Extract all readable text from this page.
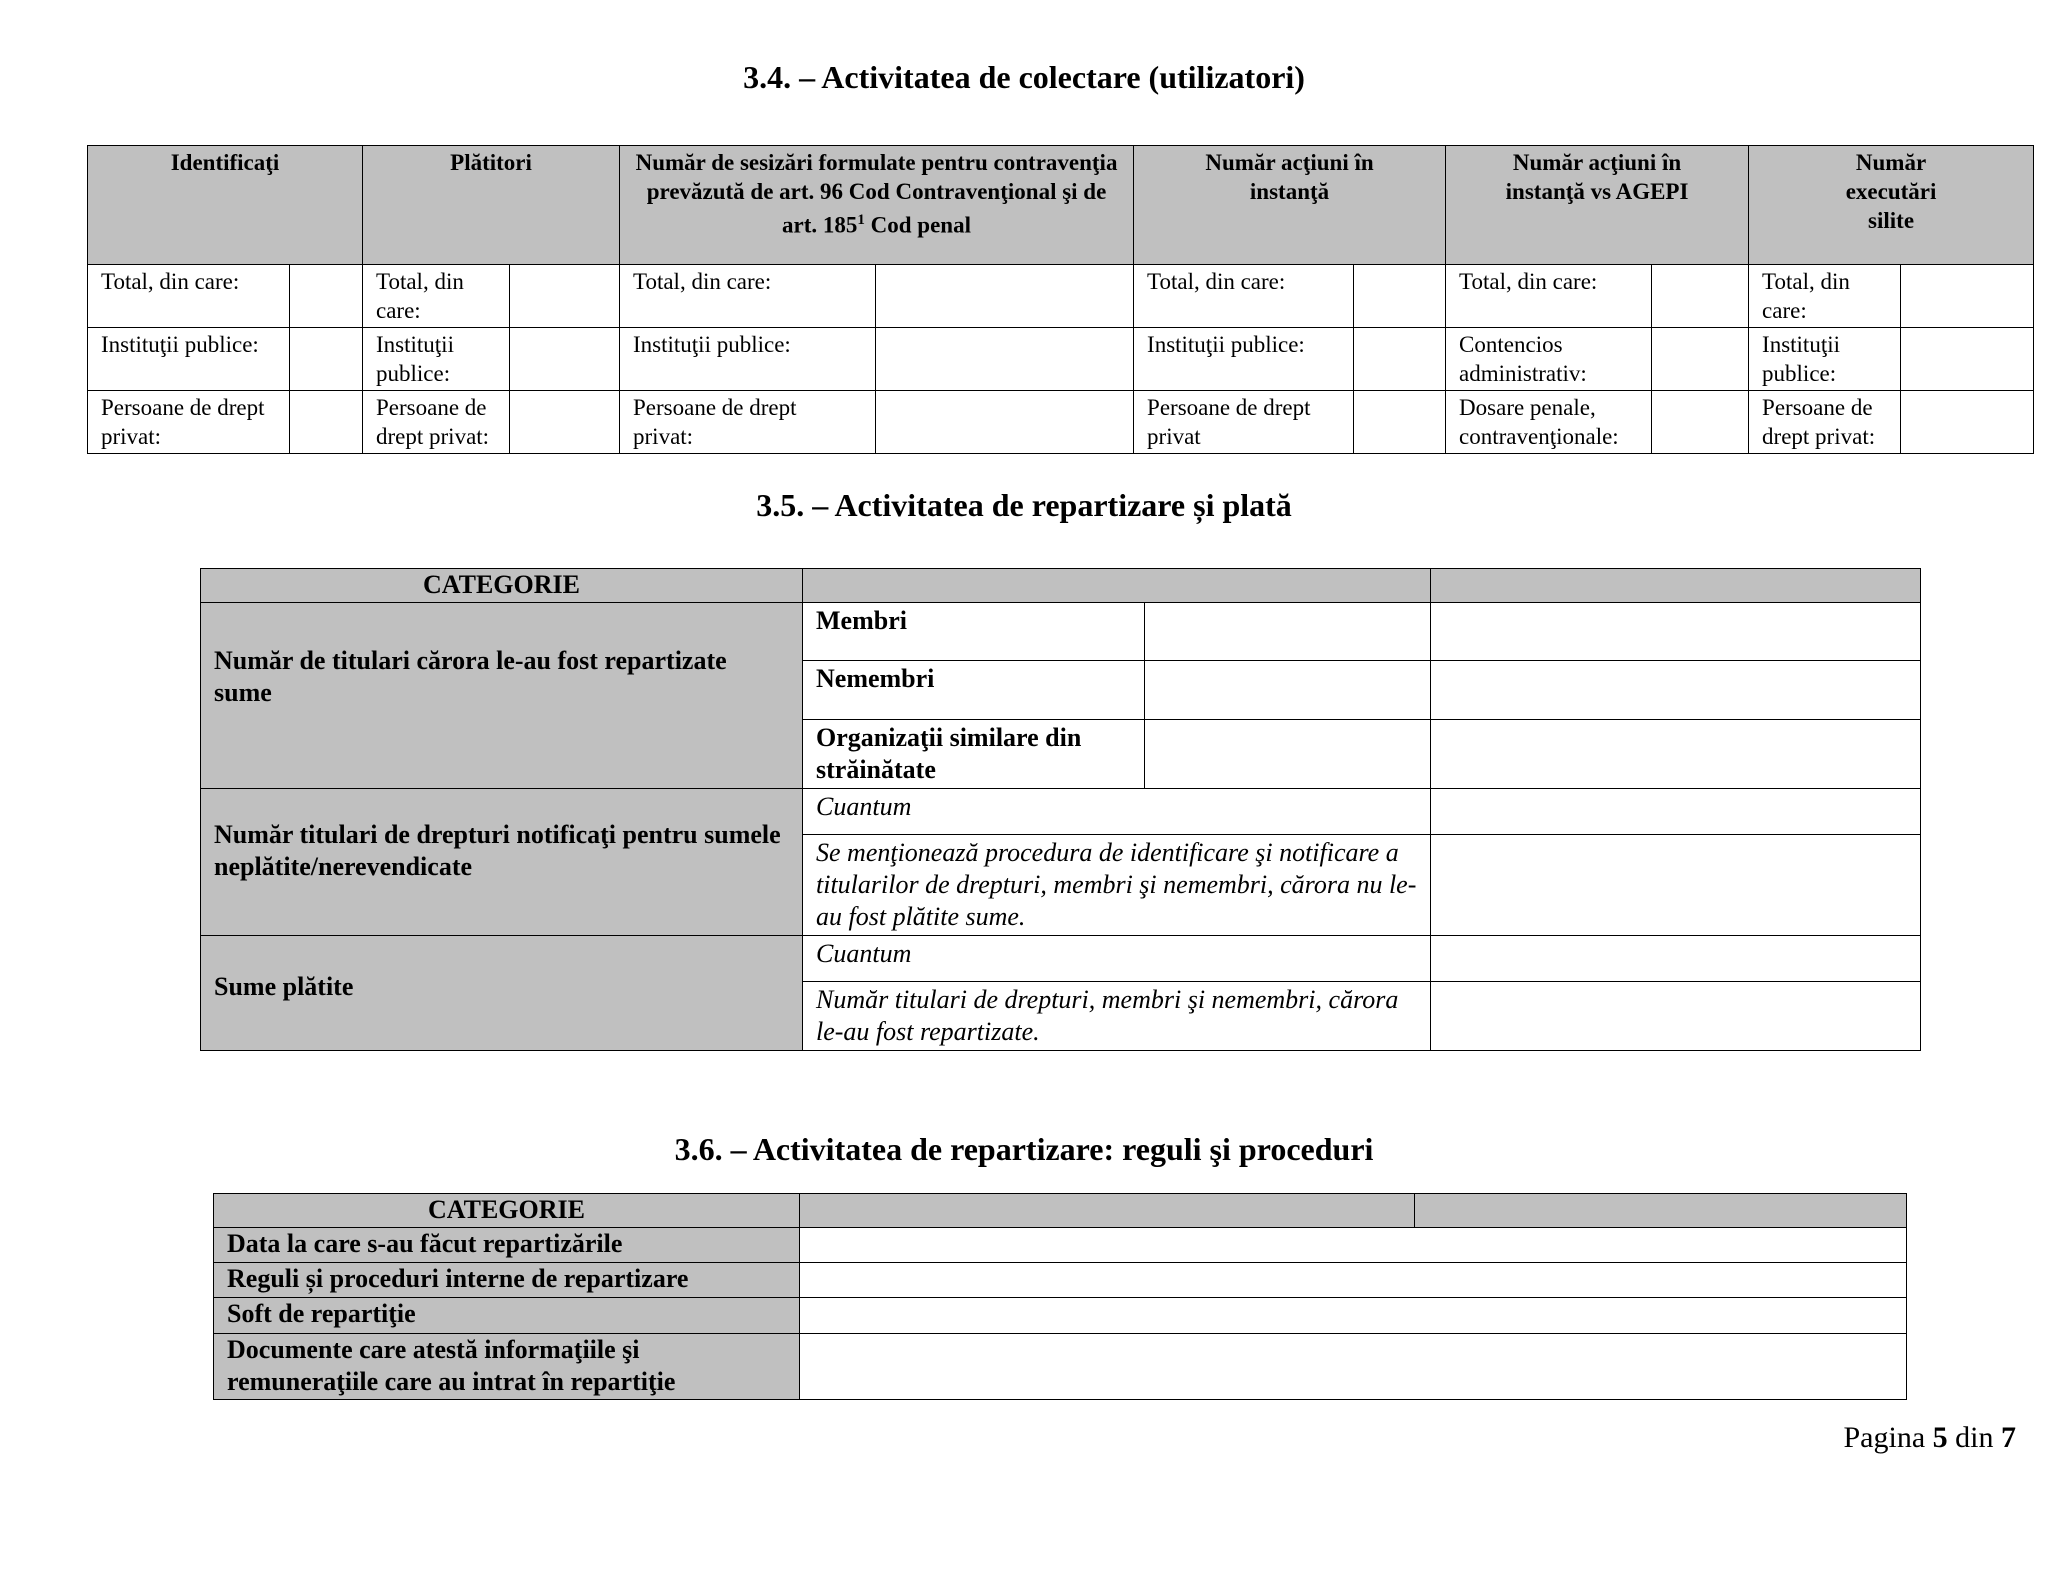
3.4. – Activitatea de colectare (utilizatori)
Identificaţi		Plătitori		Număr de sesizări formulate pentru contravenţia prevăzută de art. 96 Cod Contravenţional şi de art. $185^1$ Cod penal		Număr acţiuni în instanţă		Număr acţiuni în instanţă vs AGEPI		Număr executări silite	
Total, din care:		Total, din care:		Total, din care:		Total, din care:		Total, din care:		Total, din care:	
Instituţii publice:		Instituţii publice:		Instituţii publice:		Instituţii publice:		Contencios administrativ:		Instituţii publice:	
Persoane de drept privat:		Persoane de drept privat:		Persoane de drept privat:		Persoane de drept privat		Dosare penale, contravenţionale:		Persoane de drept privat:	
3.5. – Activitatea de repartizare și plată
CATEGORIE			
Număr de titulari cărora le-au fost repartizate sume	Membri		
	Nemembri		
	Organizaţii similare din străinătate		
Număr titulari de drepturi notificaţi pentru sumele neplătite/nerevendicate	Cuantum		
	Se menţionează procedura de identificare şi notificare a titularilor de drepturi, membri şi nemembri, cărora nu le-au fost plătite sume.		
Sume plătite	Cuantum		
	Număr titulari de drepturi, membri şi nemembri, cărora le-au fost repartizate.		
3.6. – Activitatea de repartizare: reguli şi proceduri
CATEGORIE		
Data la care s-au făcut repartizările		
Reguli și proceduri interne de repartizare		
Soft de repartiţie		
Documente care atestă informaţiile şi remuneraţiile care au intrat în repartiţie		
Pagina 5 din 7
